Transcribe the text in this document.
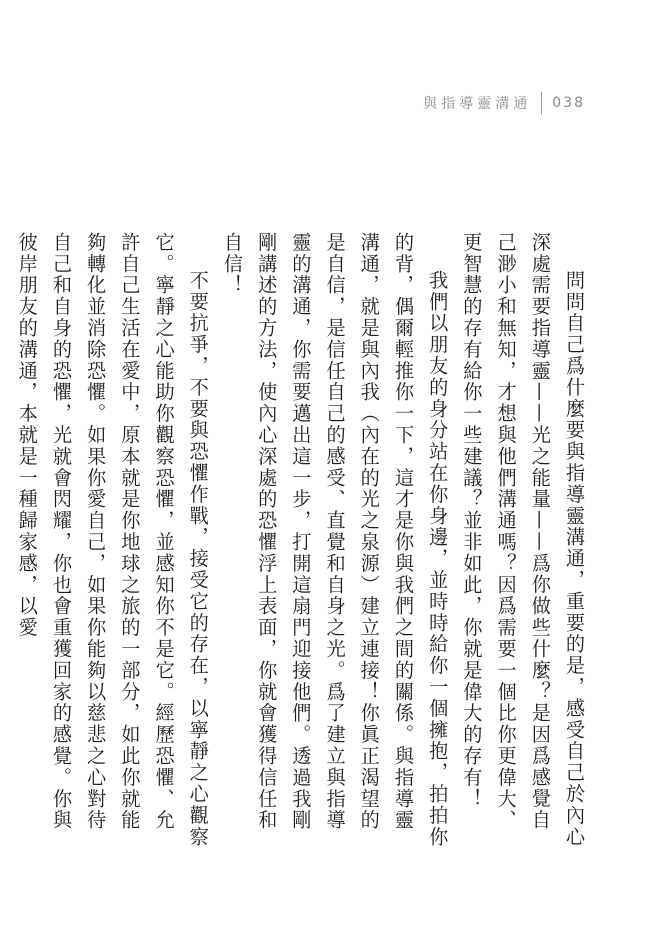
與指導靈溝通 038

問問自己爲什麼要與指導靈溝通，重要的是，感受自己於內心深處需要指導靈——光之能量——爲你做些什麼？是因爲感覺自己渺小和無知，才想與他們溝通嗎？因爲需要一個比你更偉大、更智慧的存有給你一些建議？並非如此，你就是偉大的存有！

我們以朋友的身分站在你身邊，並時時給你一個擁抱，拍拍你的背，偶爾輕推你一下，這才是你與我們之間的關係。與指導靈溝通，就是與內我（內在的光之泉源）建立連接！你眞正渴望的是自信，是信任自己的感受、直覺和自身之光。爲了建立與指導靈的溝通，你需要邁出這一步，打開這扇門迎接他們。透過我剛剛講述的方法，使內心深處的恐懼浮上表面，你就會獲得信任和自信！

不要抗爭，不要與恐懼作戰，接受它的存在，以寧靜之心觀察它。寧靜之心能助你觀察恐懼，並感知你不是它。經歷恐懼、允許自己生活在愛中，原本就是你地球之旅的一部分，如此你就能夠轉化並消除恐懼。如果你愛自己，如果你能夠以慈悲之心對待自己和自身的恐懼，光就會閃耀，你也會重獲回家的感覺。你與彼岸朋友的溝通，本就是一種歸家感，以愛
